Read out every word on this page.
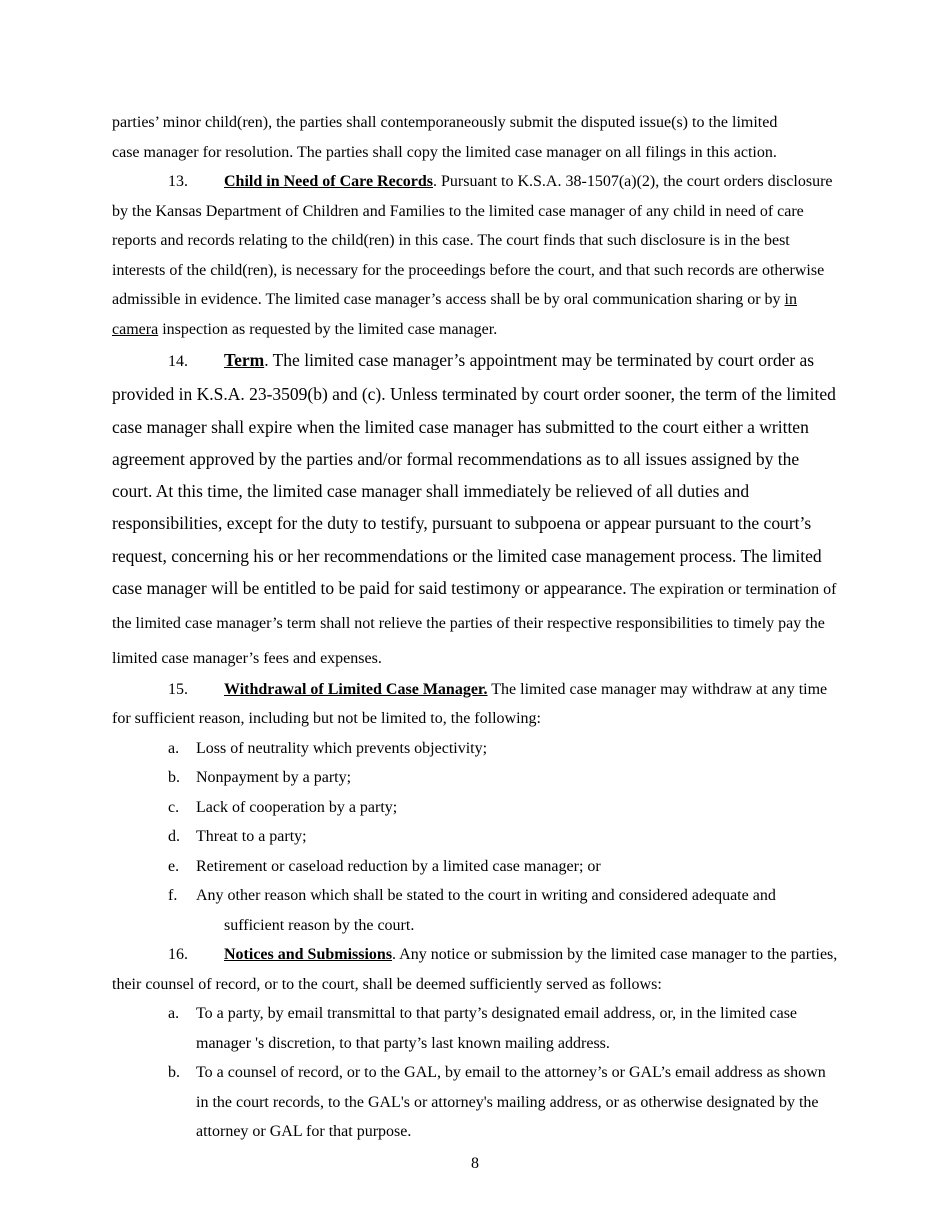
parties’ minor child(ren), the parties shall contemporaneously submit the disputed issue(s) to the limited
case manager for resolution. The parties shall copy the limited case manager on all filings in this action.

13. Child in Need of Care Records. Pursuant to K.S.A. 38-1507(a)(2), the court orders disclosure by the Kansas Department of Children and Families to the limited case manager of any child in need of care reports and records relating to the child(ren) in this case. The court finds that such disclosure is in the best interests of the child(ren), is necessary for the proceedings before the court, and that such records are otherwise admissible in evidence. The limited case manager’s access shall be by oral communication sharing or by in camera inspection as requested by the limited case manager.

14. Term. The limited case manager’s appointment may be terminated by court order as provided in K.S.A. 23-3509(b) and (c). Unless terminated by court order sooner, the term of the limited case manager shall expire when the limited case manager has submitted to the court either a written agreement approved by the parties and/or formal recommendations as to all issues assigned by the court. At this time, the limited case manager shall immediately be relieved of all duties and responsibilities, except for the duty to testify, pursuant to subpoena or appear pursuant to the court’s request, concerning his or her recommendations or the limited case management process. The limited case manager will be entitled to be paid for said testimony or appearance. The expiration or termination of the limited case manager’s term shall not relieve the parties of their respective responsibilities to timely pay the limited case manager’s fees and expenses.

15. Withdrawal of Limited Case Manager. The limited case manager may withdraw at any time for sufficient reason, including but not be limited to, the following:

a. Loss of neutrality which prevents objectivity;
b. Nonpayment by a party;
c. Lack of cooperation by a party;
d. Threat to a party;
e. Retirement or caseload reduction by a limited case manager; or
f. Any other reason which shall be stated to the court in writing and considered adequate and
sufficient reason by the court.

16. Notices and Submissions. Any notice or submission by the limited case manager to the parties, their counsel of record, or to the court, shall be deemed sufficiently served as follows:

a. To a party, by email transmittal to that party’s designated email address, or, in the limited case manager 's discretion, to that party’s last known mailing address.
b. To a counsel of record, or to the GAL, by email to the attorney’s or GAL’s email address as shown in the court records, to the GAL's or attorney's mailing address, or as otherwise designated by the attorney or GAL for that purpose.
8
